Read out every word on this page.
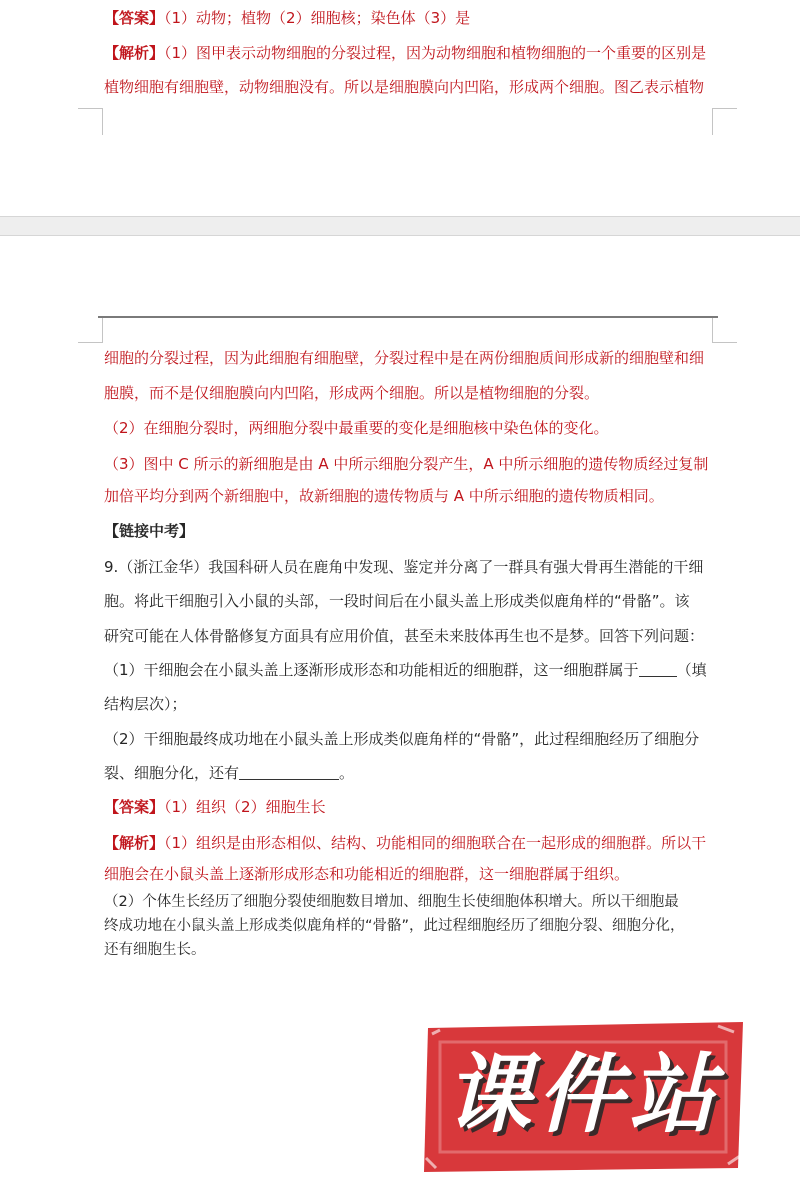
【答案】（1）动物；植物（2）细胞核；染色体（3）是
【解析】（1）图甲表示动物细胞的分裂过程，因为动物细胞和植物细胞的一个重要的区别是
植物细胞有细胞壁，动物细胞没有。所以是细胞膜向内凹陷，形成两个细胞。图乙表示植物
细胞的分裂过程，因为此细胞有细胞壁，分裂过程中是在两份细胞质间形成新的细胞壁和细
胞膜，而不是仅细胞膜向内凹陷，形成两个细胞。所以是植物细胞的分裂。
（2）在细胞分裂时，两细胞分裂中最重要的变化是细胞核中染色体的变化。
（3）图中 C 所示的新细胞是由 A 中所示细胞分裂产生，A 中所示细胞的遗传物质经过复制
加倍平均分到两个新细胞中，故新细胞的遗传物质与 A 中所示细胞的遗传物质相同。
【链接中考】
9.（浙江金华）我国科研人员在鹿角中发现、鉴定并分离了一群具有强大骨再生潜能的干细
胞。将此干细胞引入小鼠的头部，一段时间后在小鼠头盖上形成类似鹿角样的“骨骼”。该
研究可能在人体骨骼修复方面具有应用价值，甚至未来肢体再生也不是梦。回答下列问题：
（1）干细胞会在小鼠头盖上逐渐形成形态和功能相近的细胞群，这一细胞群属于	（填
结构层次）；
（2）干细胞最终成功地在小鼠头盖上形成类似鹿角样的“骨骼”，此过程细胞经历了细胞分
裂、细胞分化，还有	。
【答案】（1）组织（2）细胞生长
【解析】（1）组织是由形态相似、结构、功能相同的细胞联合在一起形成的细胞群。所以干
细胞会在小鼠头盖上逐渐形成形态和功能相近的细胞群，这一细胞群属于组织。
（2）个体生长经历了细胞分裂使细胞数目增加、细胞生长使细胞体积增大。所以干细胞最
终成功地在小鼠头盖上形成类似鹿角样的“骨骼”，此过程细胞经历了细胞分裂、细胞分化，
还有细胞生长。
课件站
